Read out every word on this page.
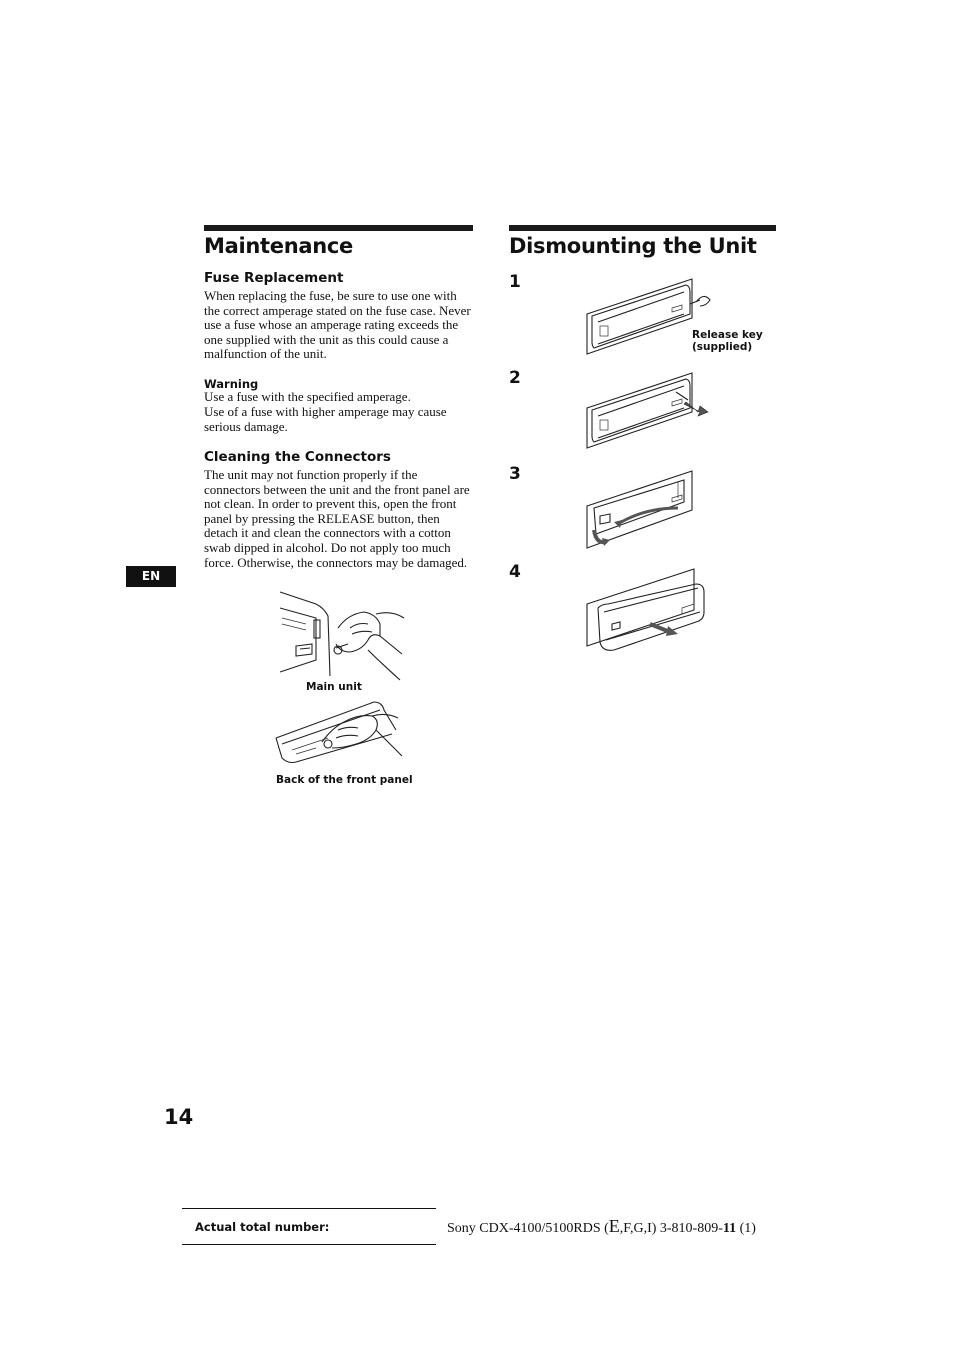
Maintenance
Fuse Replacement
When replacing the fuse, be sure to use one with the correct amperage stated on the fuse case. Never use a fuse whose an amperage rating exceeds the one supplied with the unit as this could cause a malfunction of the unit.
Warning
Use a fuse with the specified amperage.
Use of a fuse with higher amperage may cause serious damage.
Cleaning the Connectors
The unit may not function properly if the connectors between the unit and the front panel are not clean. In order to prevent this, open the front panel by pressing the RELEASE button, then detach it and clean the connectors with a cotton swab dipped in alcohol. Do not apply too much force. Otherwise, the connectors may be damaged.
EN
Main unit
Back of the front panel
Dismounting the Unit
1
2
3
4
Release key
(supplied)
14
Actual total number:	Sony CDX-4100/5100RDS (E,F,G,I) 3-810-809-11 (1)
